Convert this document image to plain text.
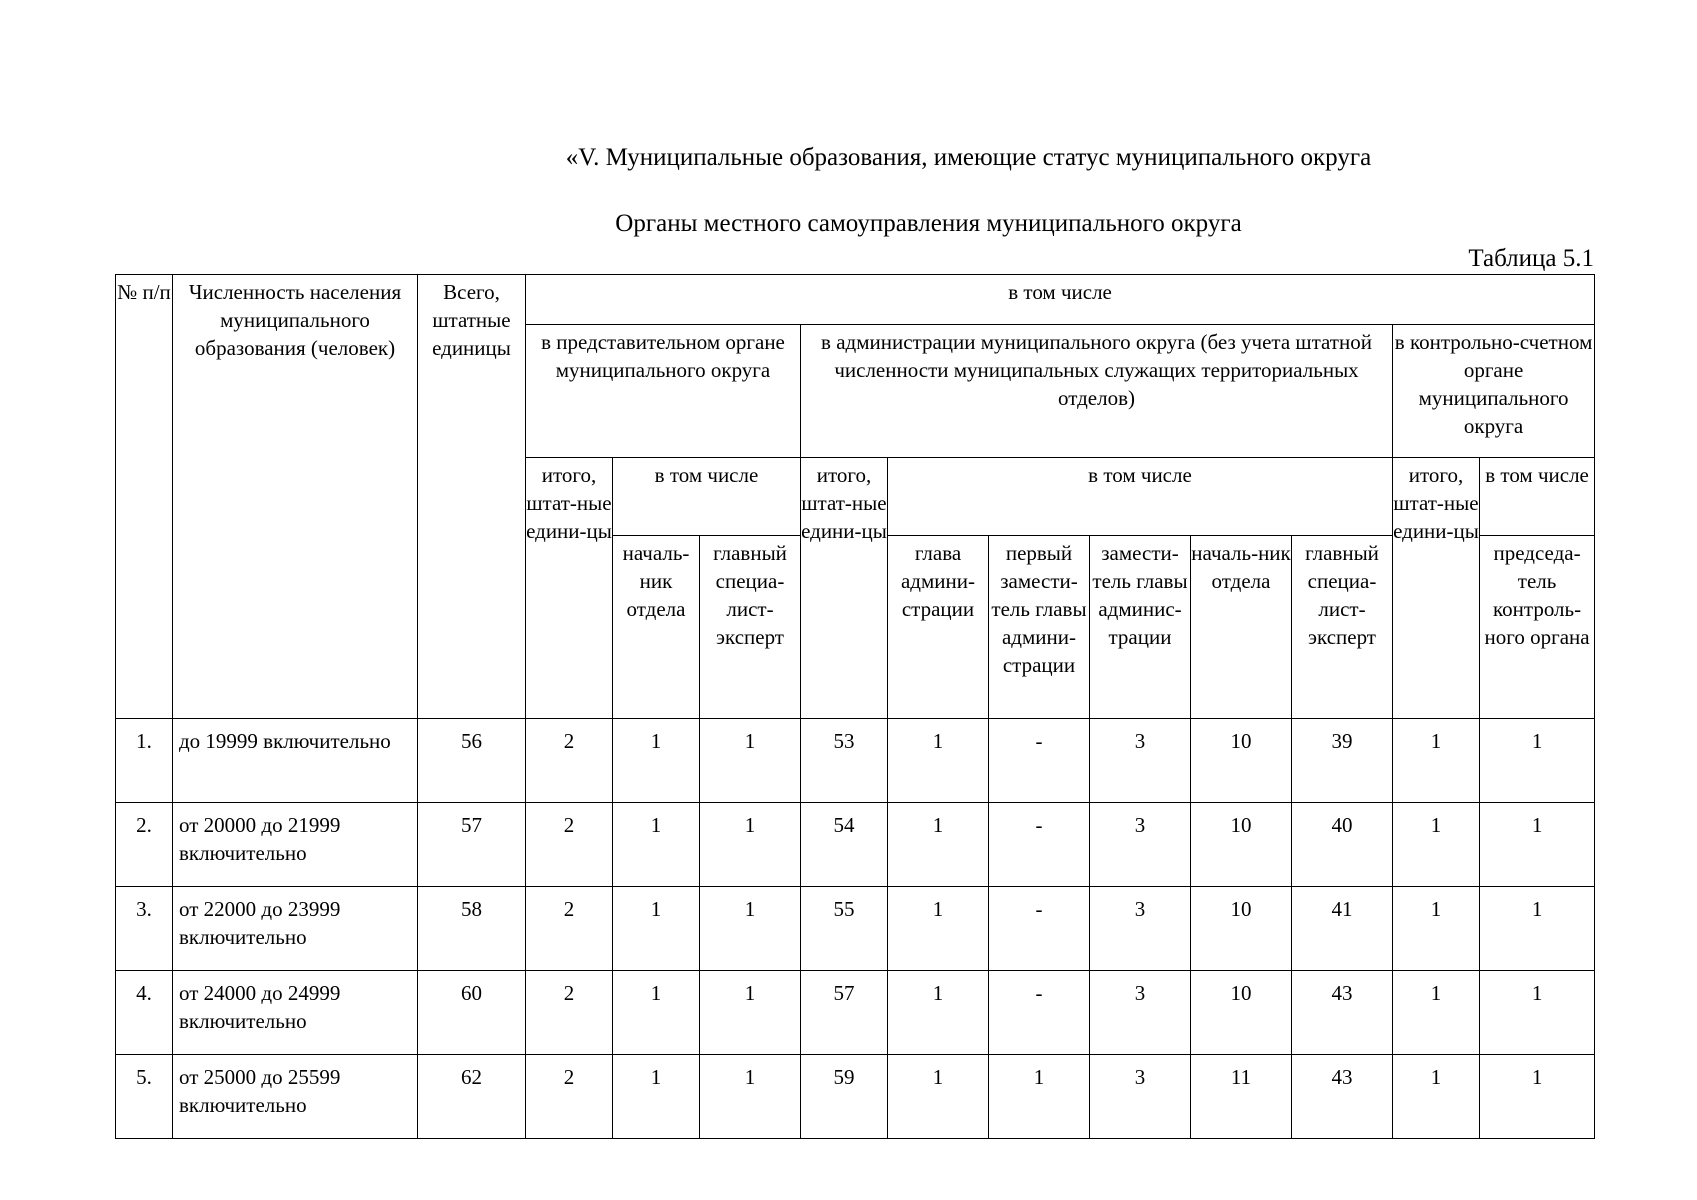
«V. Муниципальные образования, имеющие статус муниципального округа
Органы местного самоуправления муниципального округа
Таблица 5.1
№ п/п	Численность населения муниципального образования (человек)	Всего, штатные единицы	в том числе										
			в представительном органе муниципального округа			в администрации муниципального округа (без учета штатной численности муниципальных служащих территориальных отделов)						в контрольно-счетном органе муниципального округа	
			итого, штат-ные едини-цы	в том числе		итого, штат-ные едини-цы	в том числе					итого, штат-ные едини-цы	в том числе
				началь-ник отдела	главный специа-лист-эксперт		глава админи-страции	первый замести-тель главы админи-страции	замести-тель главы админис-трации	началь-ник отдела	главный специа-лист-эксперт		председа-тель контроль-ного органа
1.	до 19999 включительно	56	2	1	1	53	1	-	3	10	39	1	1
2.	от 20000 до 21999 включительно	57	2	1	1	54	1	-	3	10	40	1	1
3.	от 22000 до 23999 включительно	58	2	1	1	55	1	-	3	10	41	1	1
4.	от 24000 до 24999 включительно	60	2	1	1	57	1	-	3	10	43	1	1
5.	от 25000 до 25599 включительно	62	2	1	1	59	1	1	3	11	43	1	1
